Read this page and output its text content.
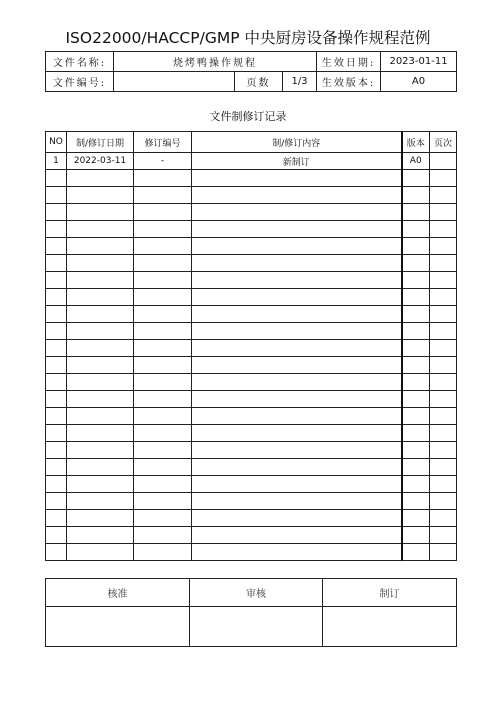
ISO22000/HACCP/GMP 中央厨房设备操作规程范例
文件名称:	烧烤鸭操作规程			生效日期:	2023-01-11
文件编号:		页数	1/3	生效版本:	A0
文件制修订记录
NO	制/修订日期	修订编号	制/修订内容	版本	页次
1	2022-03-11	-	新制订	A0	

核准	审核	制订
